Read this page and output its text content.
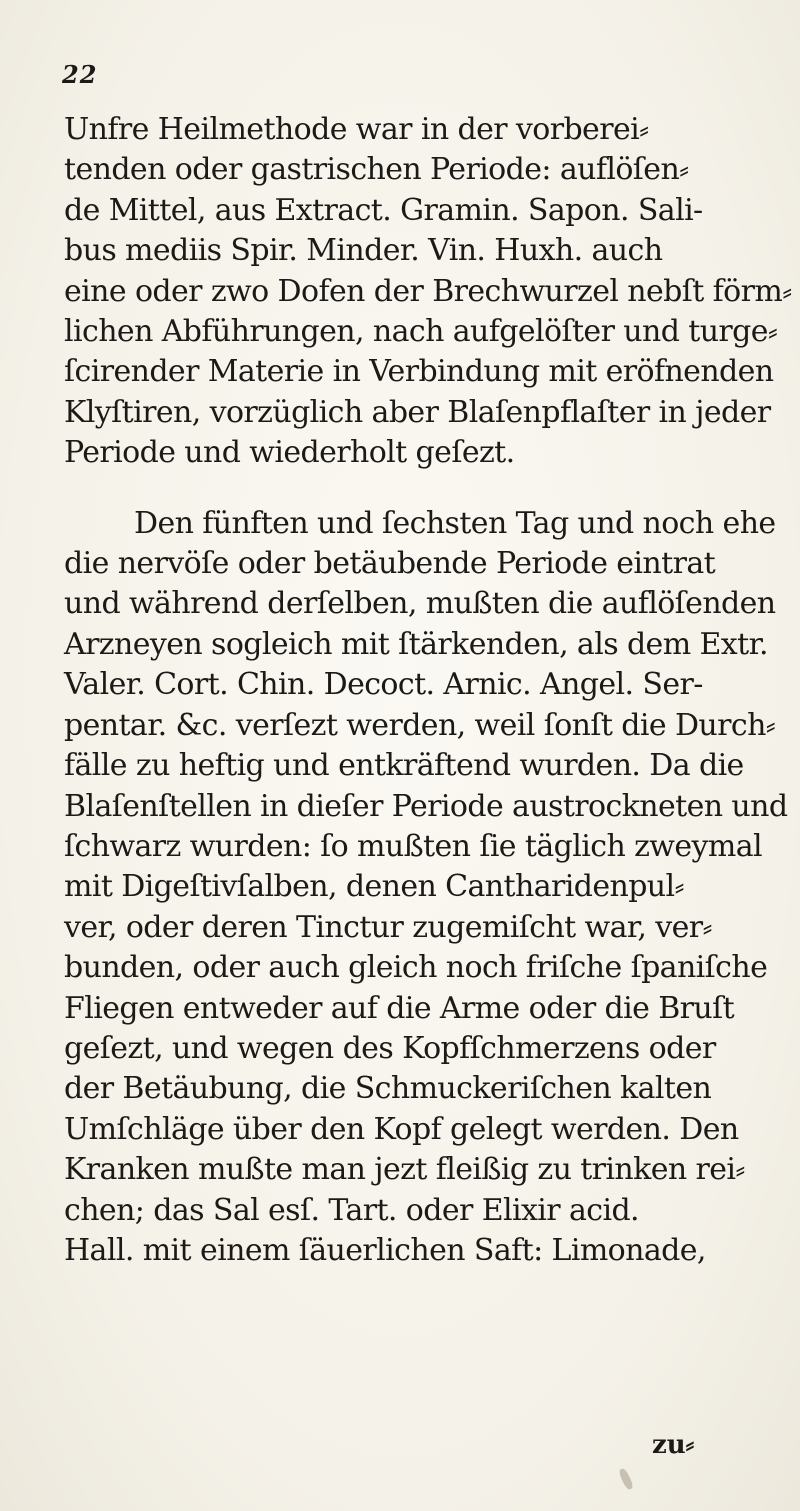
22
Unfre Heilmethode war in der vorberei⸗
tenden oder gastrischen Periode: auflöſen⸗
de Mittel, aus Extract. Gramin. Sapon. Sali-
bus mediis Spir. Minder. Vin. Huxh. auch
eine oder zwo Dofen der Brechwurzel nebſt förm⸗
lichen Abführungen, nach aufgelöſter und turge⸗
ſcirender Materie in Verbindung mit eröfnenden
Klyſtiren, vorzüglich aber Blaſenpflaſter in jeder
Periode und wiederholt geſezt.
Den fünften und ſechsten Tag und noch ehe
die nervöſe oder betäubende Periode eintrat
und während derſelben, mußten die auflöſenden
Arzneyen sogleich mit ſtärkenden, als dem Extr.
Valer. Cort. Chin. Decoct. Arnic. Angel. Ser-
pentar. &c. verſezt werden, weil ſonſt die Durch⸗
fälle zu heftig und entkräftend wurden. Da die
Blaſenſtellen in dieſer Periode austrockneten und
ſchwarz wurden: ſo mußten ſie täglich zweymal
mit Digeſtivſalben, denen Cantharidenpul⸗
ver, oder deren Tinctur zugemiſcht war, ver⸗
bunden, oder auch gleich noch friſche ſpaniſche
Fliegen entweder auf die Arme oder die Bruſt
geſezt, und wegen des Kopfſchmerzens oder
der Betäubung, die Schmuckeriſchen kalten
Umſchläge über den Kopf gelegt werden. Den
Kranken mußte man jezt fleißig zu trinken rei⸗
chen; das Sal esſ. Tart. oder Elixir acid.
Hall. mit einem ſäuerlichen Saft: Limonade,
zu⸗
